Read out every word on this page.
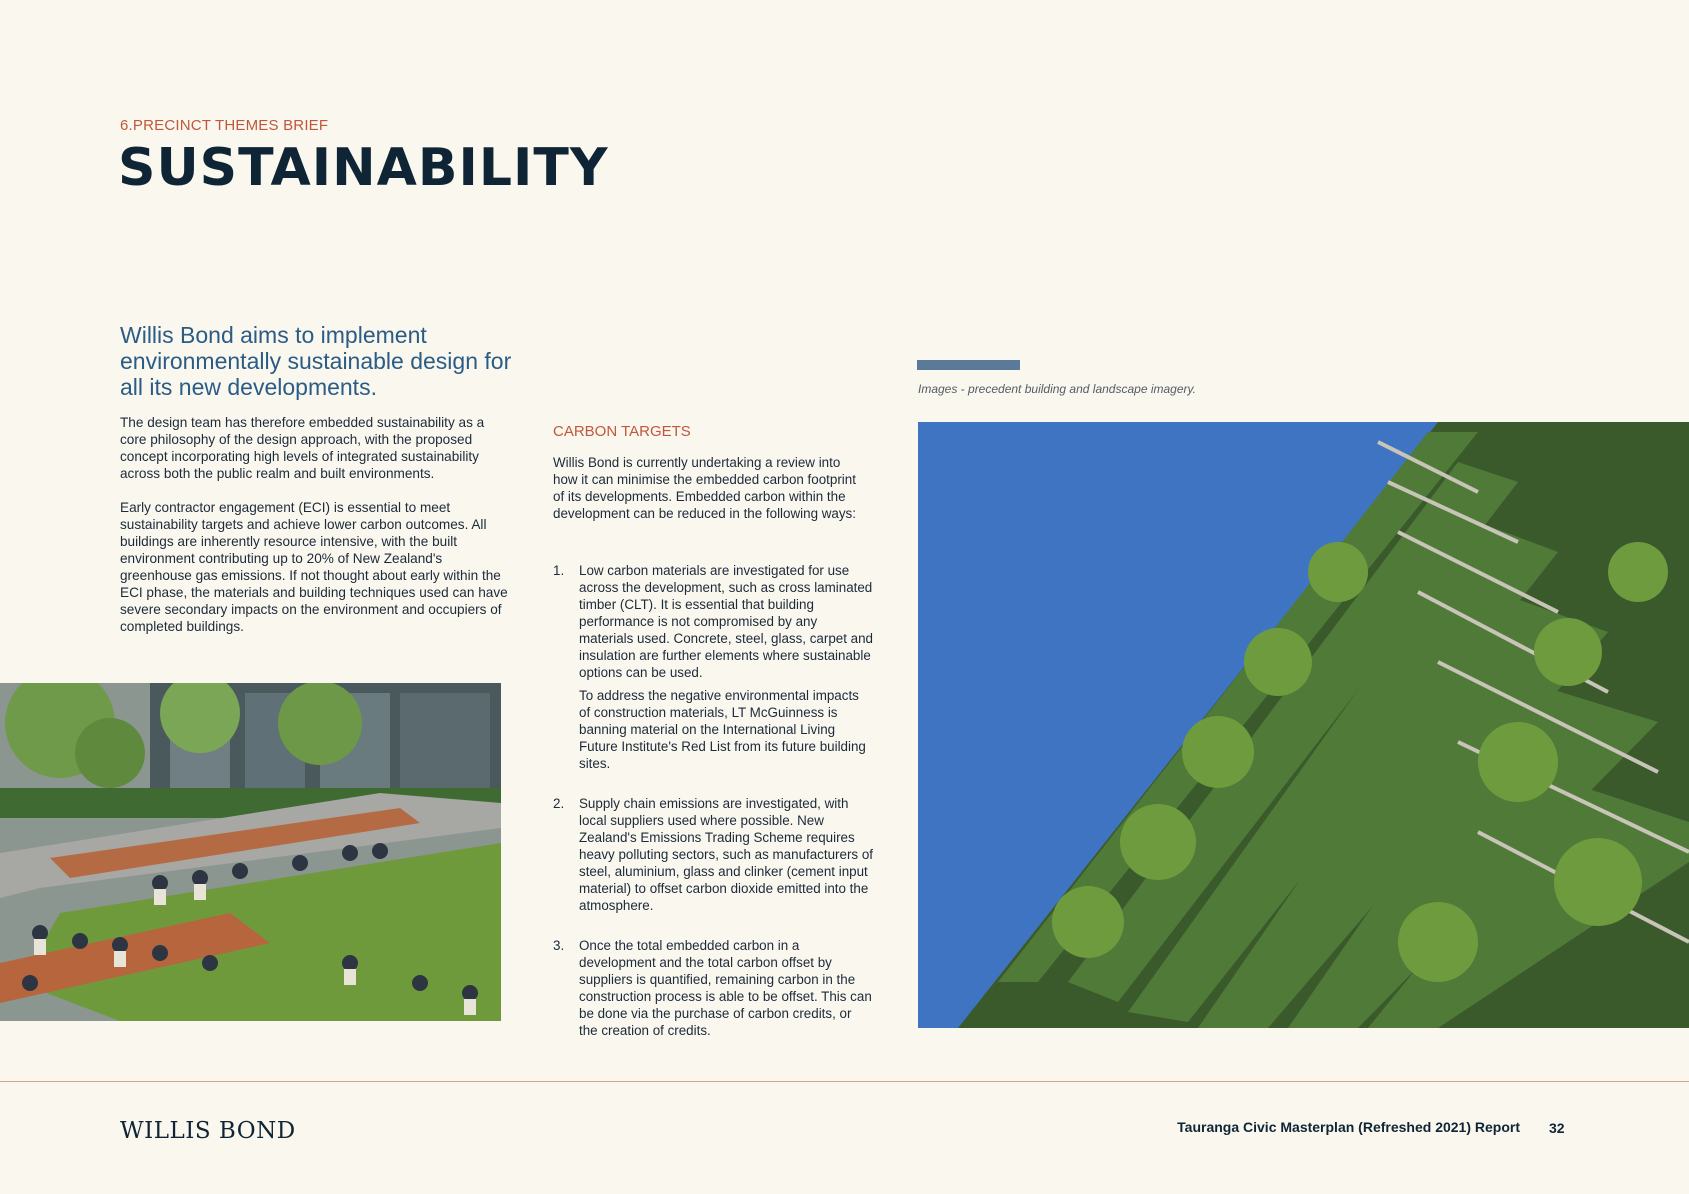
6.PRECINCT THEMES BRIEF
SUSTAINABILITY
Willis Bond aims to implement environmentally sustainable design for all its new developments.

The design team has therefore embedded sustainability as a core philosophy of the design approach, with the proposed concept incorporating high levels of integrated sustainability across both the public realm and built environments.

Early contractor engagement (ECI) is essential to meet sustainability targets and achieve lower carbon outcomes. All buildings are inherently resource intensive, with the built environment contributing up to 20% of New Zealand's greenhouse gas emissions. If not thought about early within the ECI phase, the materials and building techniques used can have severe secondary impacts on the environment and occupiers of completed buildings.

CARBON TARGETS
Willis Bond is currently undertaking a review into how it can minimise the embedded carbon footprint of its developments. Embedded carbon within the development can be reduced in the following ways:
1.	Low carbon materials are investigated for use across the development, such as cross laminated timber (CLT). It is essential that building performance is not compromised by any materials used. Concrete, steel, glass, carpet and insulation are further elements where sustainable options can be used.

To address the negative environmental impacts of construction materials, LT McGuinness is banning material on the International Living Future Institute's Red List from its future building sites.

2.	Supply chain emissions are investigated, with local suppliers used where possible. New Zealand's Emissions Trading Scheme requires heavy polluting sectors, such as manufacturers of steel, aluminium, glass and clinker (cement input material) to offset carbon dioxide emitted into the atmosphere.

3.	Once the total embedded carbon in a development and the total carbon offset by suppliers is quantified, remaining carbon in the construction process is able to be offset. This can be done via the purchase of carbon credits, or the creation of credits.

Images - precedent building and landscape imagery.
WILLIS BOND	Tauranga Civic Masterplan (Refreshed 2021) Report 32
